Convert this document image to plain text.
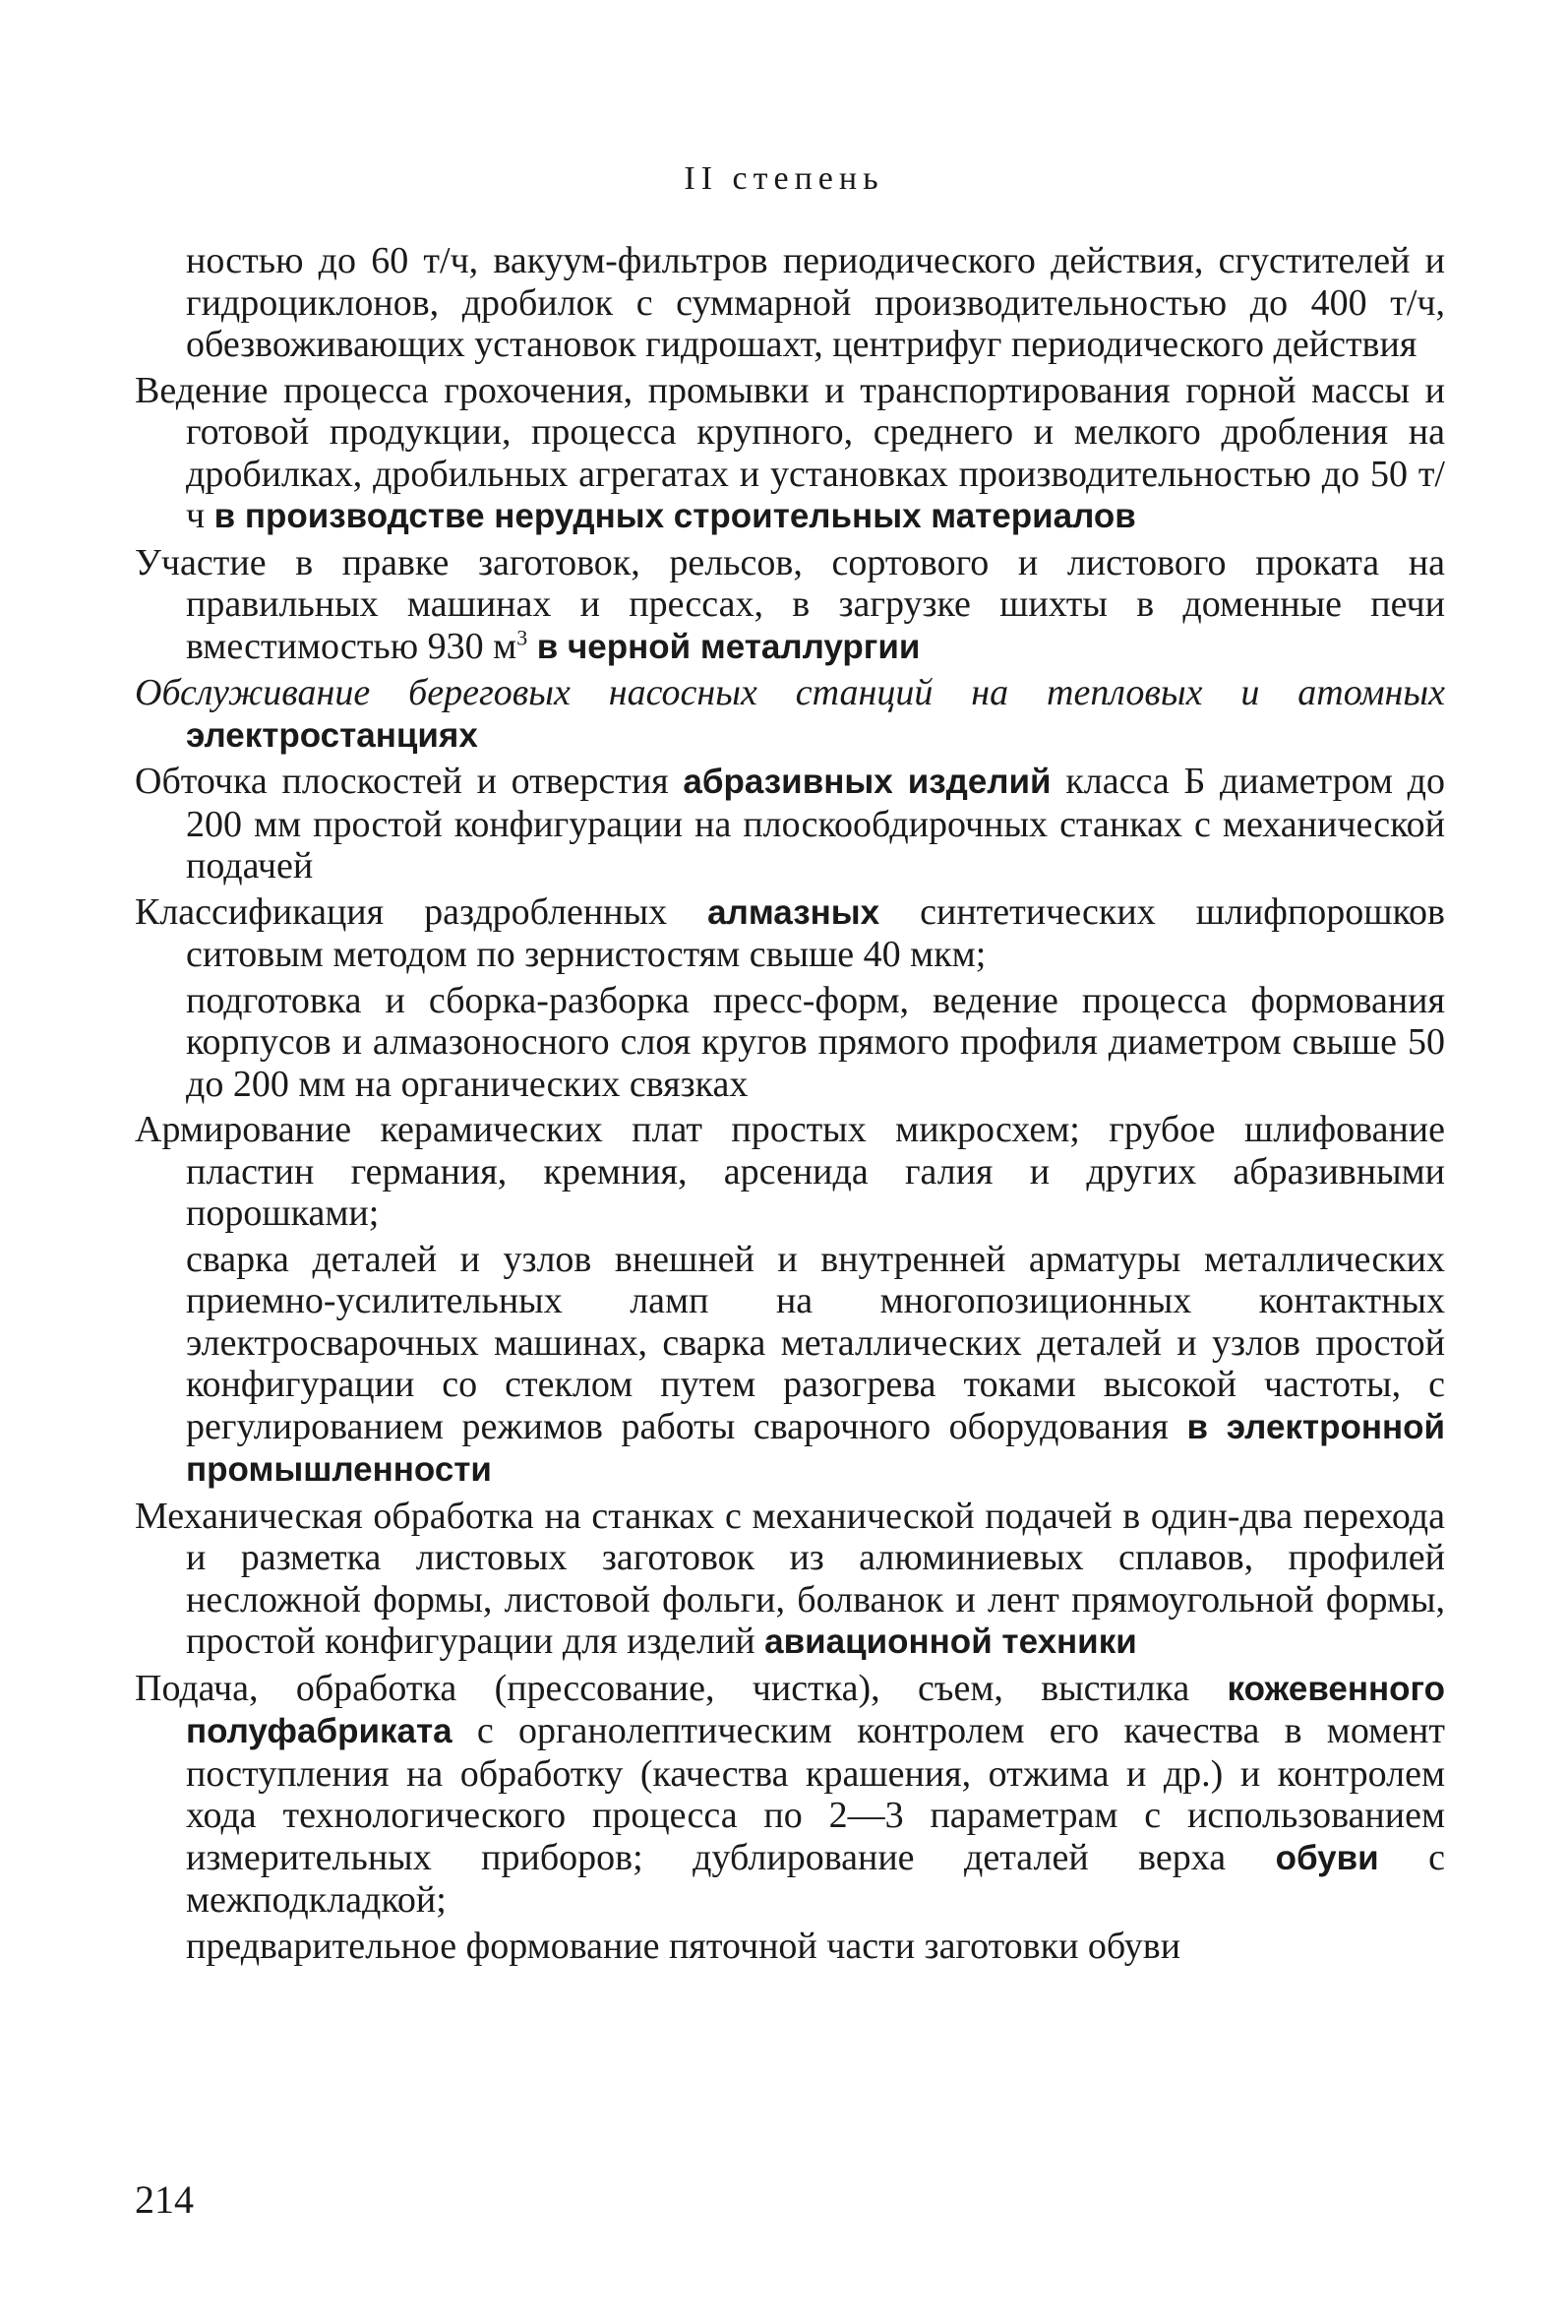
II степень

ностью до 60 т/ч, вакуум-фильтров периодического действия, сгустителей и гидроциклонов, дробилок с суммарной производительностью до 400 т/ч, обезвоживающих установок гидрошахт, центрифуг периодического действия

Ведение процесса грохочения, промывки и транспортирования горной массы и готовой продукции, процесса крупного, среднего и мелкого дробления на дробилках, дробильных агрегатах и установках производительностью до 50 т/ч в производстве нерудных строительных материалов

Участие в правке заготовок, рельсов, сортового и листового проката на правильных машинах и прессах, в загрузке шихты в доменные печи вместимостью 930 $м^3$ в черной металлургии

Обслуживание береговых насосных станций на тепловых и атомных электростанциях

Обточка плоскостей и отверстия абразивных изделий класса Б диаметром до 200 мм простой конфигурации на плоскообдирочных станках с механической подачей

Классификация раздробленных алмазных синтетических шлифпорошков ситовым методом по зернистостям свыше 40 мкм;

подготовка и сборка-разборка пресс-форм, ведение процесса формования корпусов и алмазоносного слоя кругов прямого профиля диаметром свыше 50 до 200 мм на органических связках

Армирование керамических плат простых микросхем; грубое шлифование пластин германия, кремния, арсенида галия и других абразивными порошками;

сварка деталей и узлов внешней и внутренней арматуры металлических приемно-усилительных ламп на многопозиционных контактных электросварочных машинах, сварка металлических деталей и узлов простой конфигурации со стеклом путем разогрева токами высокой частоты, с регулированием режимов работы сварочного оборудования в электронной промышленности

Механическая обработка на станках с механической подачей в один-два перехода и разметка листовых заготовок из алюминиевых сплавов, профилей несложной формы, листовой фольги, болванок и лент прямоугольной формы, простой конфигурации для изделий авиационной техники

Подача, обработка (прессование, чистка), съем, выстилка кожевенного полуфабриката с органолептическим контролем его качества в момент поступления на обработку (качества крашения, отжима и др.) и контролем хода технологического процесса по 2—3 параметрам с использованием измерительных приборов; дублирование деталей верха обуви с межподкладкой;

предварительное формование пяточной части заготовки обуви

214
